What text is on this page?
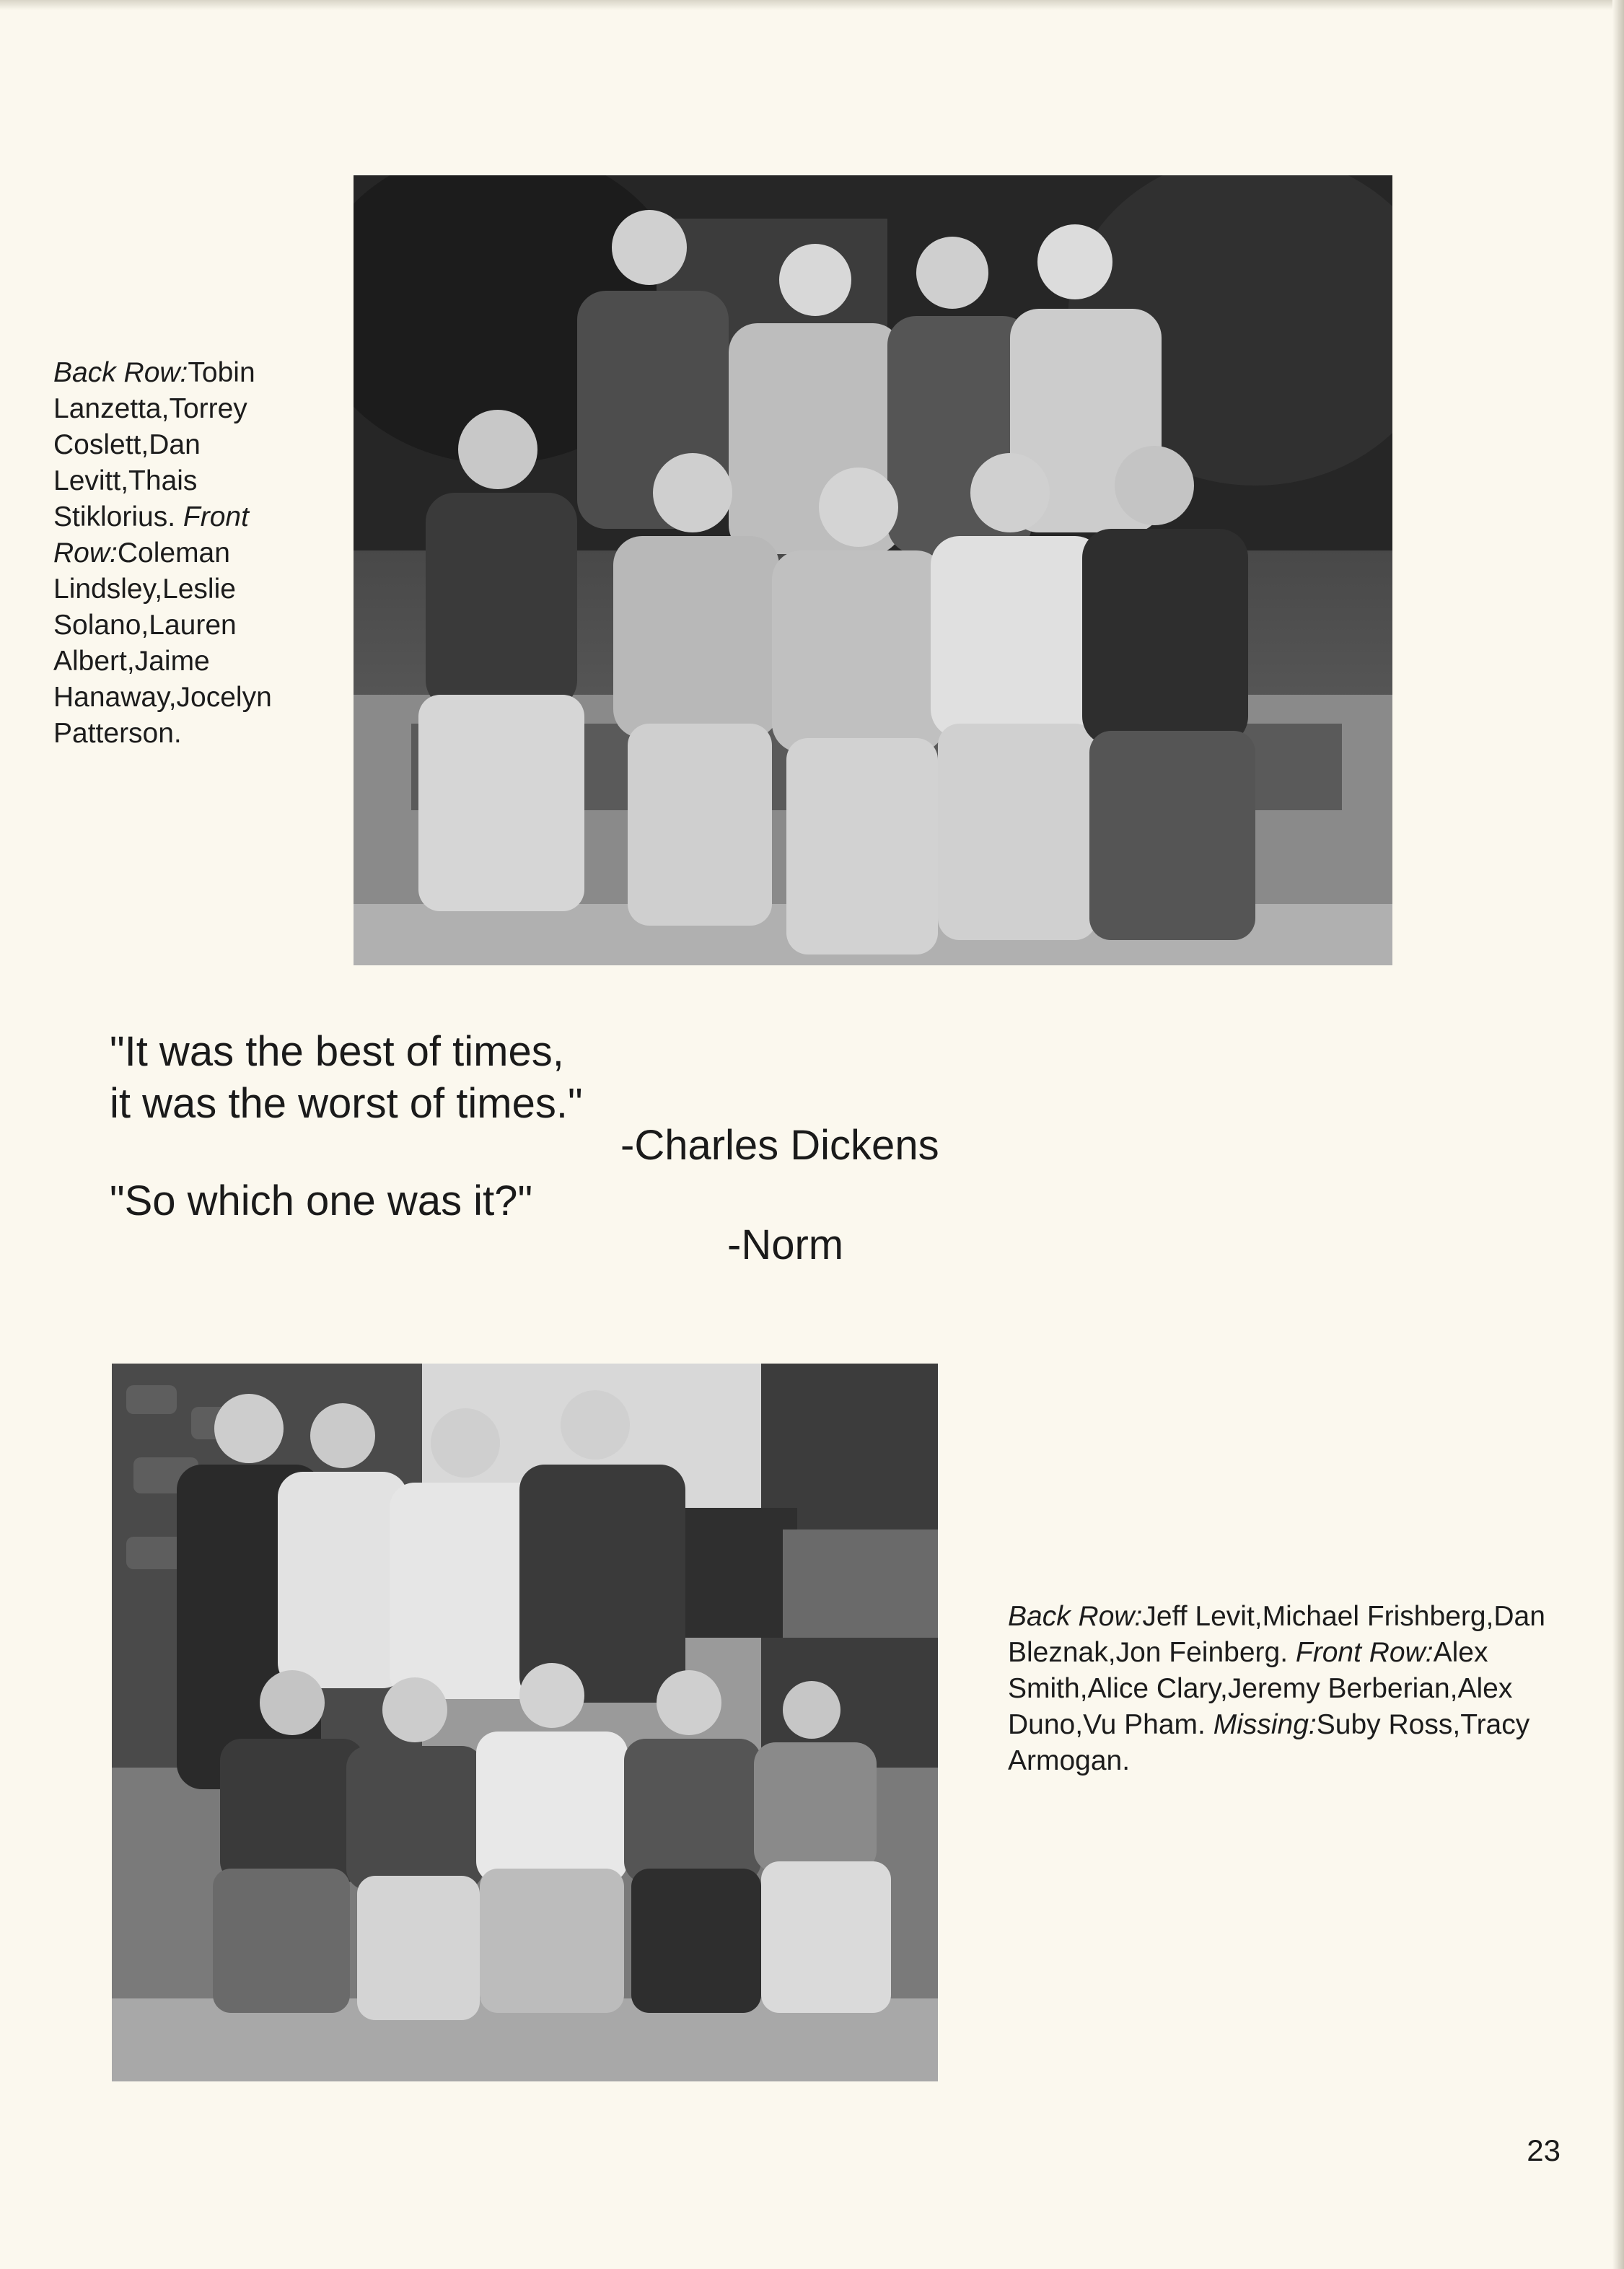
Back Row:Tobin Lanzetta,Torrey Coslett,Dan Levitt,Thais Stiklorius. Front Row:Coleman Lindsley,Leslie Solano,Lauren Albert,Jaime Hanaway,Jocelyn Patterson.
"It was the best of times,
it was the worst of times."
-Charles Dickens
"So which one was it?"
-Norm
Back Row:Jeff Levit,Michael Frishberg,Dan Bleznak,Jon Feinberg. Front Row:Alex Smith,Alice Clary,Jeremy Berberian,Alex Duno,Vu Pham. Missing:Suby Ross,Tracy Armogan.
23
